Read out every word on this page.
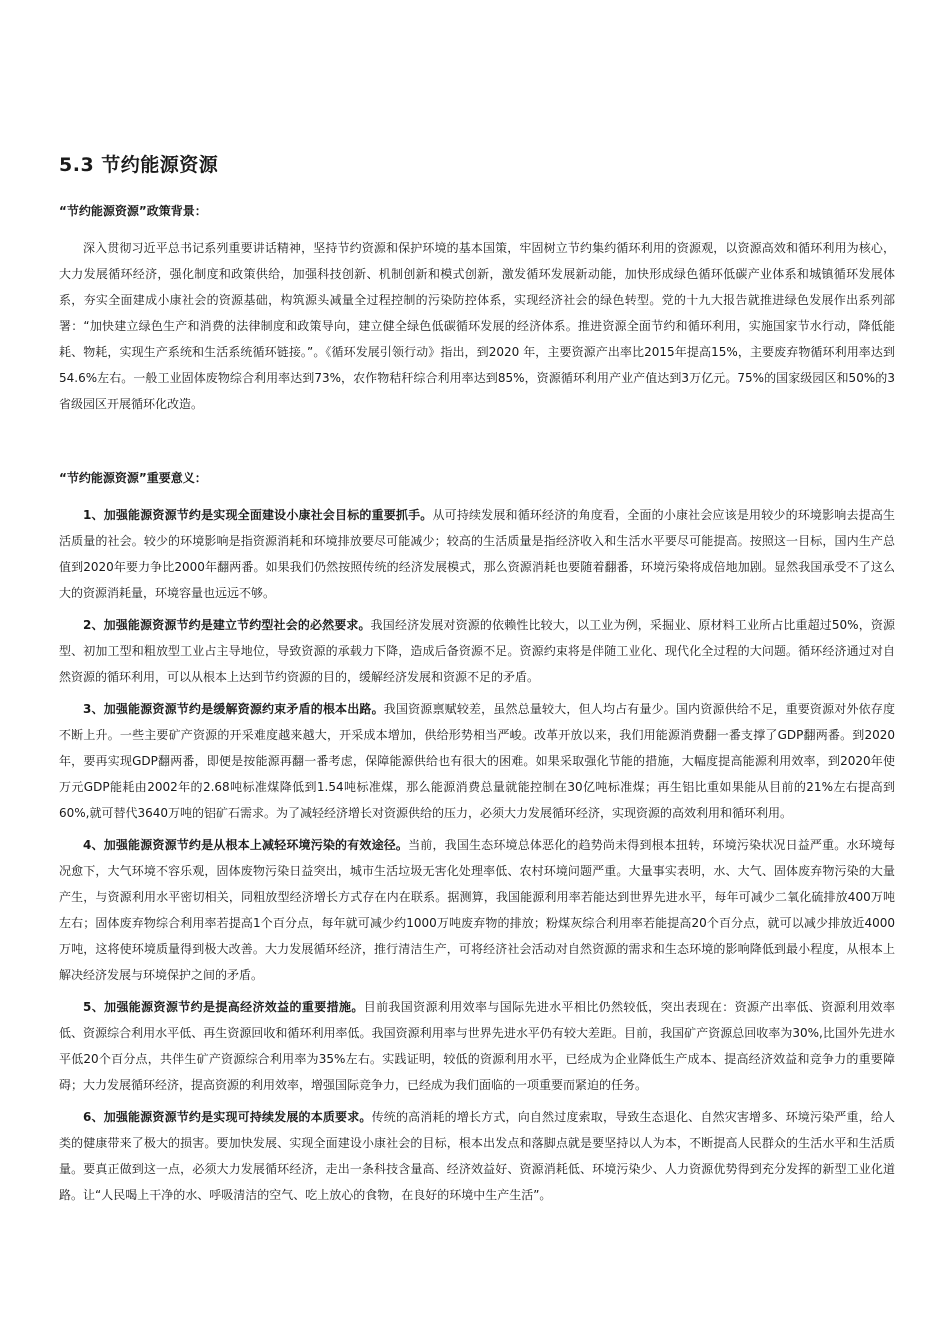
5.3 节约能源资源

“节约能源资源”政策背景：

深入贯彻习近平总书记系列重要讲话精神，坚持节约资源和保护环境的基本国策，牢固树立节约集约循环利用的资源观，以资源高效和循环利用为核心，大力发展循环经济，强化制度和政策供给，加强科技创新、机制创新和模式创新，激发循环发展新动能，加快形成绿色循环低碳产业体系和城镇循环发展体系，夯实全面建成小康社会的资源基础，构筑源头减量全过程控制的污染防控体系，实现经济社会的绿色转型。党的十九大报告就推进绿色发展作出系列部署：“加快建立绿色生产和消费的法律制度和政策导向，建立健全绿色低碳循环发展的经济体系。推进资源全面节约和循环利用，实施国家节水行动，降低能耗、物耗，实现生产系统和生活系统循环链接。”。《循环发展引领行动》指出，到2020 年，主要资源产出率比2015年提高15%，主要废弃物循环利用率达到54.6%左右。一般工业固体废物综合利用率达到73%，农作物秸秆综合利用率达到85%，资源循环利用产业产值达到3万亿元。75%的国家级园区和50%的3省级园区开展循环化改造。

“节约能源资源”重要意义：

1、加强能源资源节约是实现全面建设小康社会目标的重要抓手。从可持续发展和循环经济的角度看，全面的小康社会应该是用较少的环境影响去提高生活质量的社会。较少的环境影响是指资源消耗和环境排放要尽可能减少；较高的生活质量是指经济收入和生活水平要尽可能提高。按照这一目标，国内生产总值到2020年要力争比2000年翻两番。如果我们仍然按照传统的经济发展模式，那么资源消耗也要随着翻番，环境污染将成倍地加剧。显然我国承受不了这么大的资源消耗量，环境容量也远远不够。

2、加强能源资源节约是建立节约型社会的必然要求。我国经济发展对资源的依赖性比较大，以工业为例，采掘业、原材料工业所占比重超过50%，资源型、初加工型和粗放型工业占主导地位，导致资源的承载力下降，造成后备资源不足。资源约束将是伴随工业化、现代化全过程的大问题。循环经济通过对自然资源的循环利用，可以从根本上达到节约资源的目的，缓解经济发展和资源不足的矛盾。

3、加强能源资源节约是缓解资源约束矛盾的根本出路。我国资源禀赋较差，虽然总量较大，但人均占有量少。国内资源供给不足，重要资源对外依存度不断上升。一些主要矿产资源的开采难度越来越大，开采成本增加，供给形势相当严峻。改革开放以来，我们用能源消费翻一番支撑了GDP翻两番。到2020年，要再实现GDP翻两番，即便是按能源再翻一番考虑，保障能源供给也有很大的困难。如果采取强化节能的措施，大幅度提高能源利用效率，到2020年使万元GDP能耗由2002年的2.68吨标准煤降低到1.54吨标准煤，那么能源消费总量就能控制在30亿吨标准煤；再生铝比重如果能从目前的21%左右提高到60%,就可替代3640万吨的铝矿石需求。为了减轻经济增长对资源供给的压力，必须大力发展循环经济，实现资源的高效利用和循环利用。

4、加强能源资源节约是从根本上减轻环境污染的有效途径。当前，我国生态环境总体恶化的趋势尚未得到根本扭转，环境污染状况日益严重。水环境每况愈下，大气环境不容乐观，固体废物污染日益突出，城市生活垃圾无害化处理率低、农村环境问题严重。大量事实表明，水、大气、固体废弃物污染的大量产生，与资源利用水平密切相关，同粗放型经济增长方式存在内在联系。据测算，我国能源利用率若能达到世界先进水平，每年可减少二氧化硫排放400万吨左右；固体废弃物综合利用率若提高1个百分点，每年就可减少约1000万吨废弃物的排放；粉煤灰综合利用率若能提高20个百分点，就可以减少排放近4000万吨，这将使环境质量得到极大改善。大力发展循环经济，推行清洁生产，可将经济社会活动对自然资源的需求和生态环境的影响降低到最小程度，从根本上解决经济发展与环境保护之间的矛盾。

5、加强能源资源节约是提高经济效益的重要措施。目前我国资源利用效率与国际先进水平相比仍然较低，突出表现在：资源产出率低、资源利用效率低、资源综合利用水平低、再生资源回收和循环利用率低。我国资源利用率与世界先进水平仍有较大差距。目前，我国矿产资源总回收率为30%,比国外先进水平低20个百分点，共伴生矿产资源综合利用率为35%左右。实践证明，较低的资源利用水平，已经成为企业降低生产成本、提高经济效益和竞争力的重要障碍；大力发展循环经济，提高资源的利用效率，增强国际竞争力，已经成为我们面临的一项重要而紧迫的任务。

6、加强能源资源节约是实现可持续发展的本质要求。传统的高消耗的增长方式，向自然过度索取，导致生态退化、自然灾害增多、环境污染严重，给人类的健康带来了极大的损害。要加快发展、实现全面建设小康社会的目标，根本出发点和落脚点就是要坚持以人为本，不断提高人民群众的生活水平和生活质量。要真正做到这一点，必须大力发展循环经济，走出一条科技含量高、经济效益好、资源消耗低、环境污染少、人力资源优势得到充分发挥的新型工业化道路。让“人民喝上干净的水、呼吸清洁的空气、吃上放心的食物，在良好的环境中生产生活”。
